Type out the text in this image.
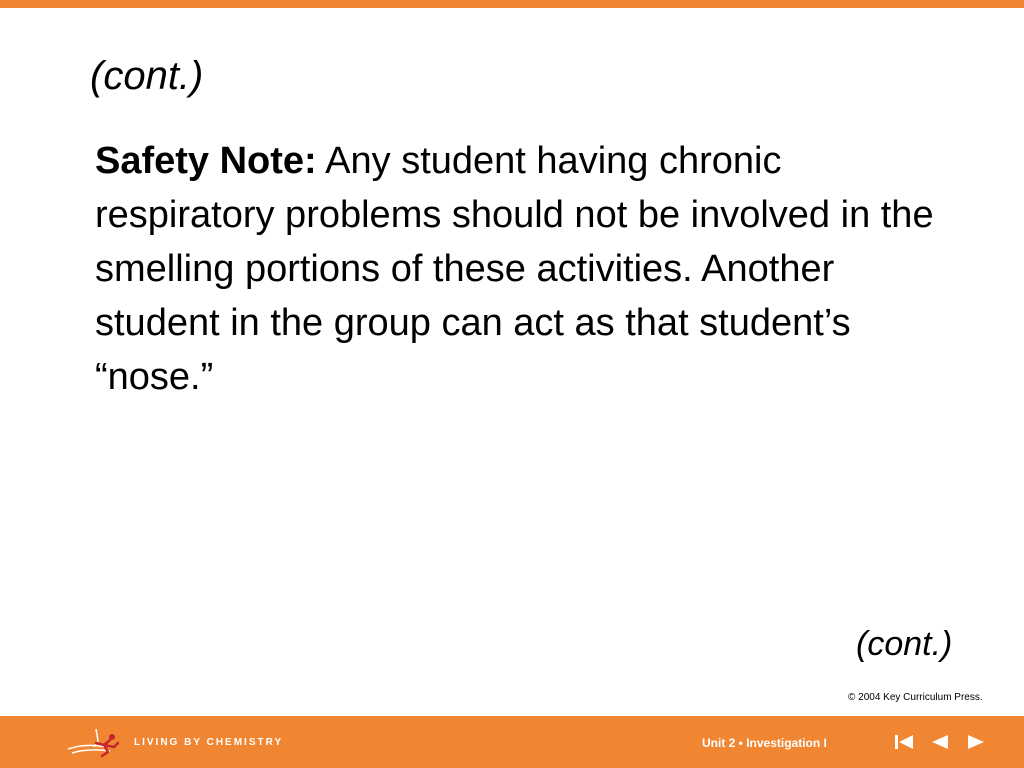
(cont.)
Safety Note: Any student having chronic respiratory problems should not be involved in the smelling portions of these activities. Another student in the group can act as that student’s “nose.”
(cont.)
© 2004 Key Curriculum Press.
LIVING BY CHEMISTRY	Unit 2 • Investigation I
